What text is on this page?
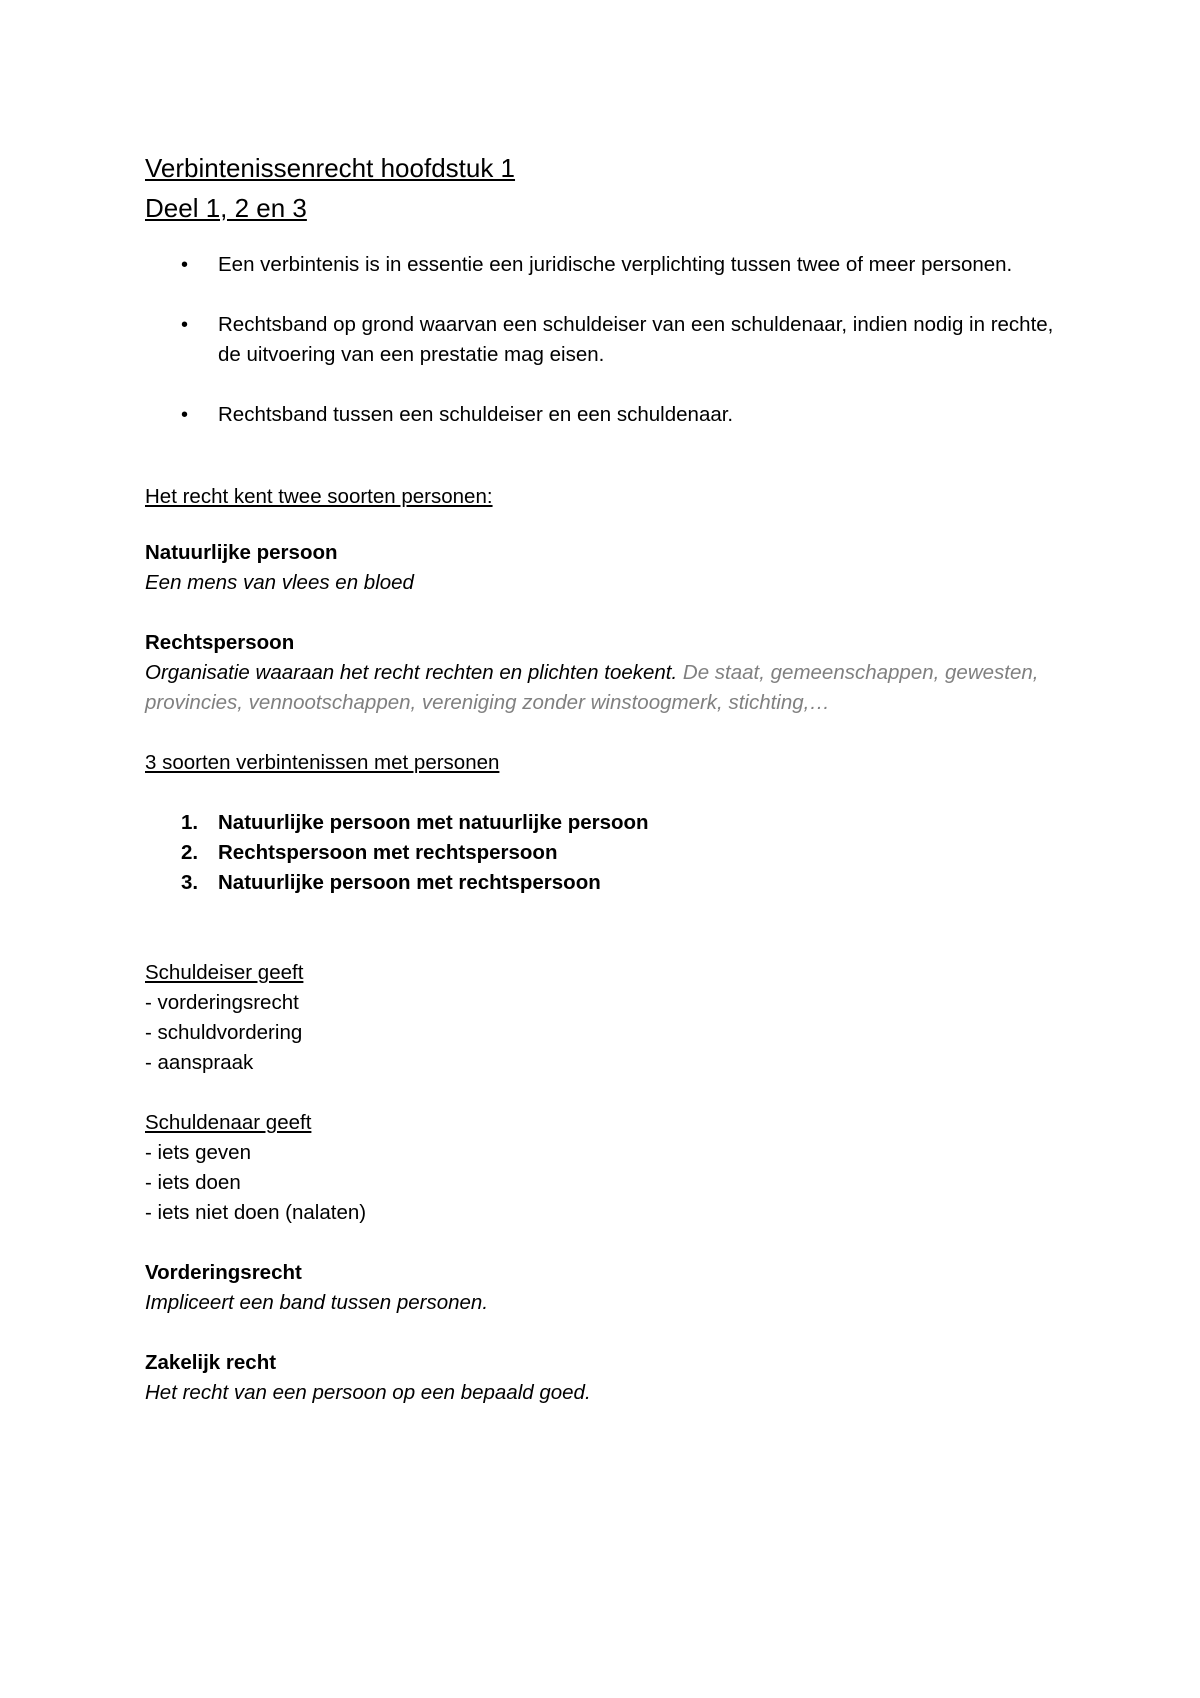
Verbintenissenrecht hoofdstuk 1
Deel 1, 2 en 3
• Een verbintenis is in essentie een juridische verplichting tussen twee of meer personen.
• Rechtsband op grond waarvan een schuldeiser van een schuldenaar, indien nodig in rechte, de uitvoering van een prestatie mag eisen.
• Rechtsband tussen een schuldeiser en een schuldenaar.

Het recht kent twee soorten personen:

Natuurlijke persoon

Een mens van vlees en bloed

Rechtspersoon

Organisatie waaraan het recht rechten en plichten toekent. De staat, gemeenschappen, gewesten, provincies, vennootschappen, vereniging zonder winstoogmerk, stichting,…

3 soorten verbintenissen met personen

1. Natuurlijke persoon met natuurlijke persoon
2. Rechtspersoon met rechtspersoon
3. Natuurlijke persoon met rechtspersoon

Schuldeiser geeft

- vorderingsrecht

- schuldvordering

- aanspraak

Schuldenaar geeft

- iets geven

- iets doen

- iets niet doen (nalaten)

Vorderingsrecht

Impliceert een band tussen personen.

Zakelijk recht

Het recht van een persoon op een bepaald goed.
